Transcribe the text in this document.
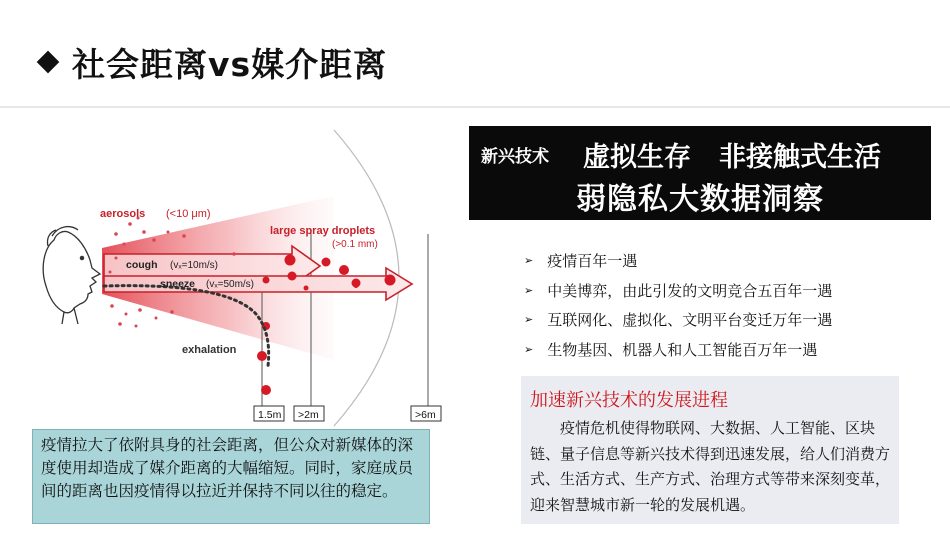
社会距离vs媒介距离
aerosols (<10 μm)
large spray droplets
(>0.1 mm)
cough (vₓ=10m/s)
sneeze (vₓ=50m/s)
exhalation
1.5m >2m	>6m
疫情拉大了依附具身的社会距离，但公众对新媒体的深度使用却造成了媒介距离的大幅缩短。同时，家庭成员间的距离也因疫情得以拉近并保持不同以往的稳定。
新兴技术 虚拟生存 非接触式生活
弱隐私大数据洞察
➢ 疫情百年一遇
➢ 中美博弈，由此引发的文明竞合五百年一遇
➢ 互联网化、虚拟化、文明平台变迁万年一遇
➢ 生物基因、机器人和人工智能百万年一遇
加速新兴技术的发展进程
疫情危机使得物联网、大数据、人工智能、区块链、量子信息等新兴技术得到迅速发展，给人们消费方式、生活方式、生产方式、治理方式等带来深刻变革，迎来智慧城市新一轮的发展机遇。
